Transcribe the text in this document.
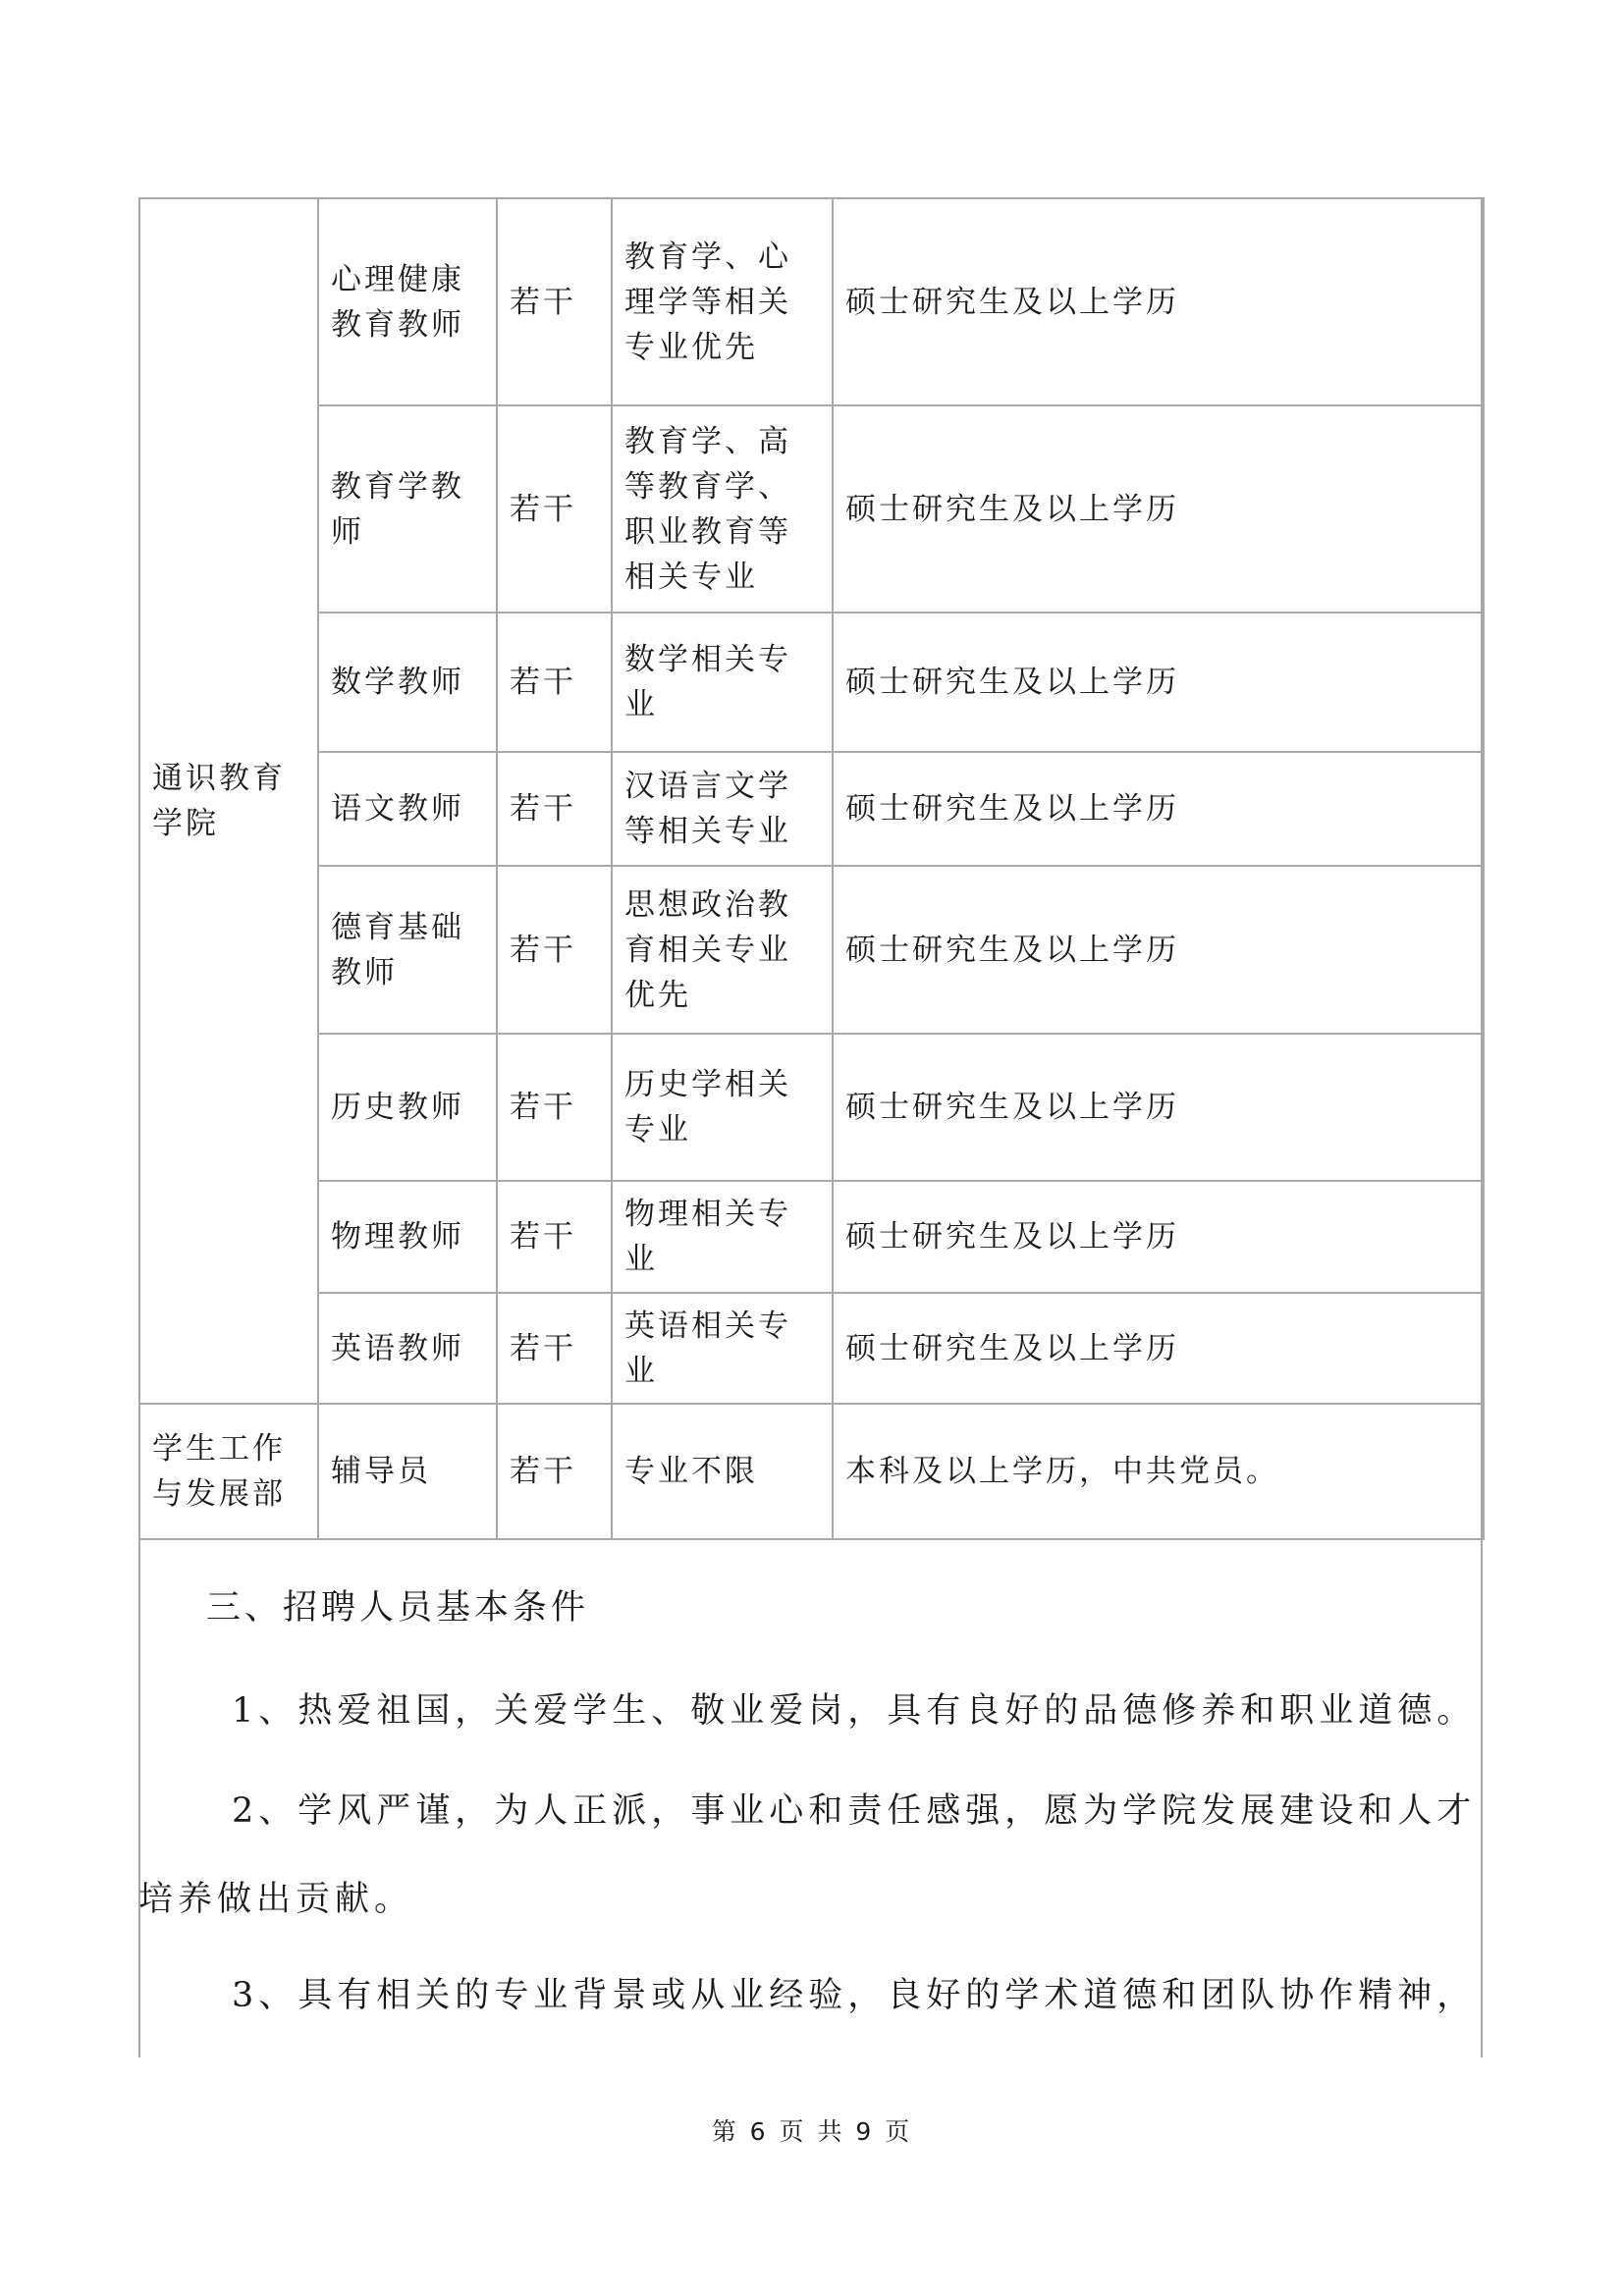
通识教育学院	心理健康教育教师	若干	教育学、心理学等相关专业优先	硕士研究生及以上学历
	教育学教师	若干	教育学、高等教育学、职业教育等相关专业	硕士研究生及以上学历
	数学教师	若干	数学相关专业	硕士研究生及以上学历
	语文教师	若干	汉语言文学等相关专业	硕士研究生及以上学历
	德育基础教师	若干	思想政治教育相关专业优先	硕士研究生及以上学历
	历史教师	若干	历史学相关专业	硕士研究生及以上学历
	物理教师	若干	物理相关专业	硕士研究生及以上学历
	英语教师	若干	英语相关专业	硕士研究生及以上学历

学生工作与发展部	辅导员	若干	专业不限	本科及以上学历，中共党员。
三、招聘人员基本条件

1、热爱祖国，关爱学生、敬业爱岗，具有良好的品德修养和职业道德。

2、学风严谨，为人正派，事业心和责任感强，愿为学院发展建设和人才培养做出贡献。

3、具有相关的专业背景或从业经验，良好的学术道德和团队协作精神，

第 6 页 共 9 页
